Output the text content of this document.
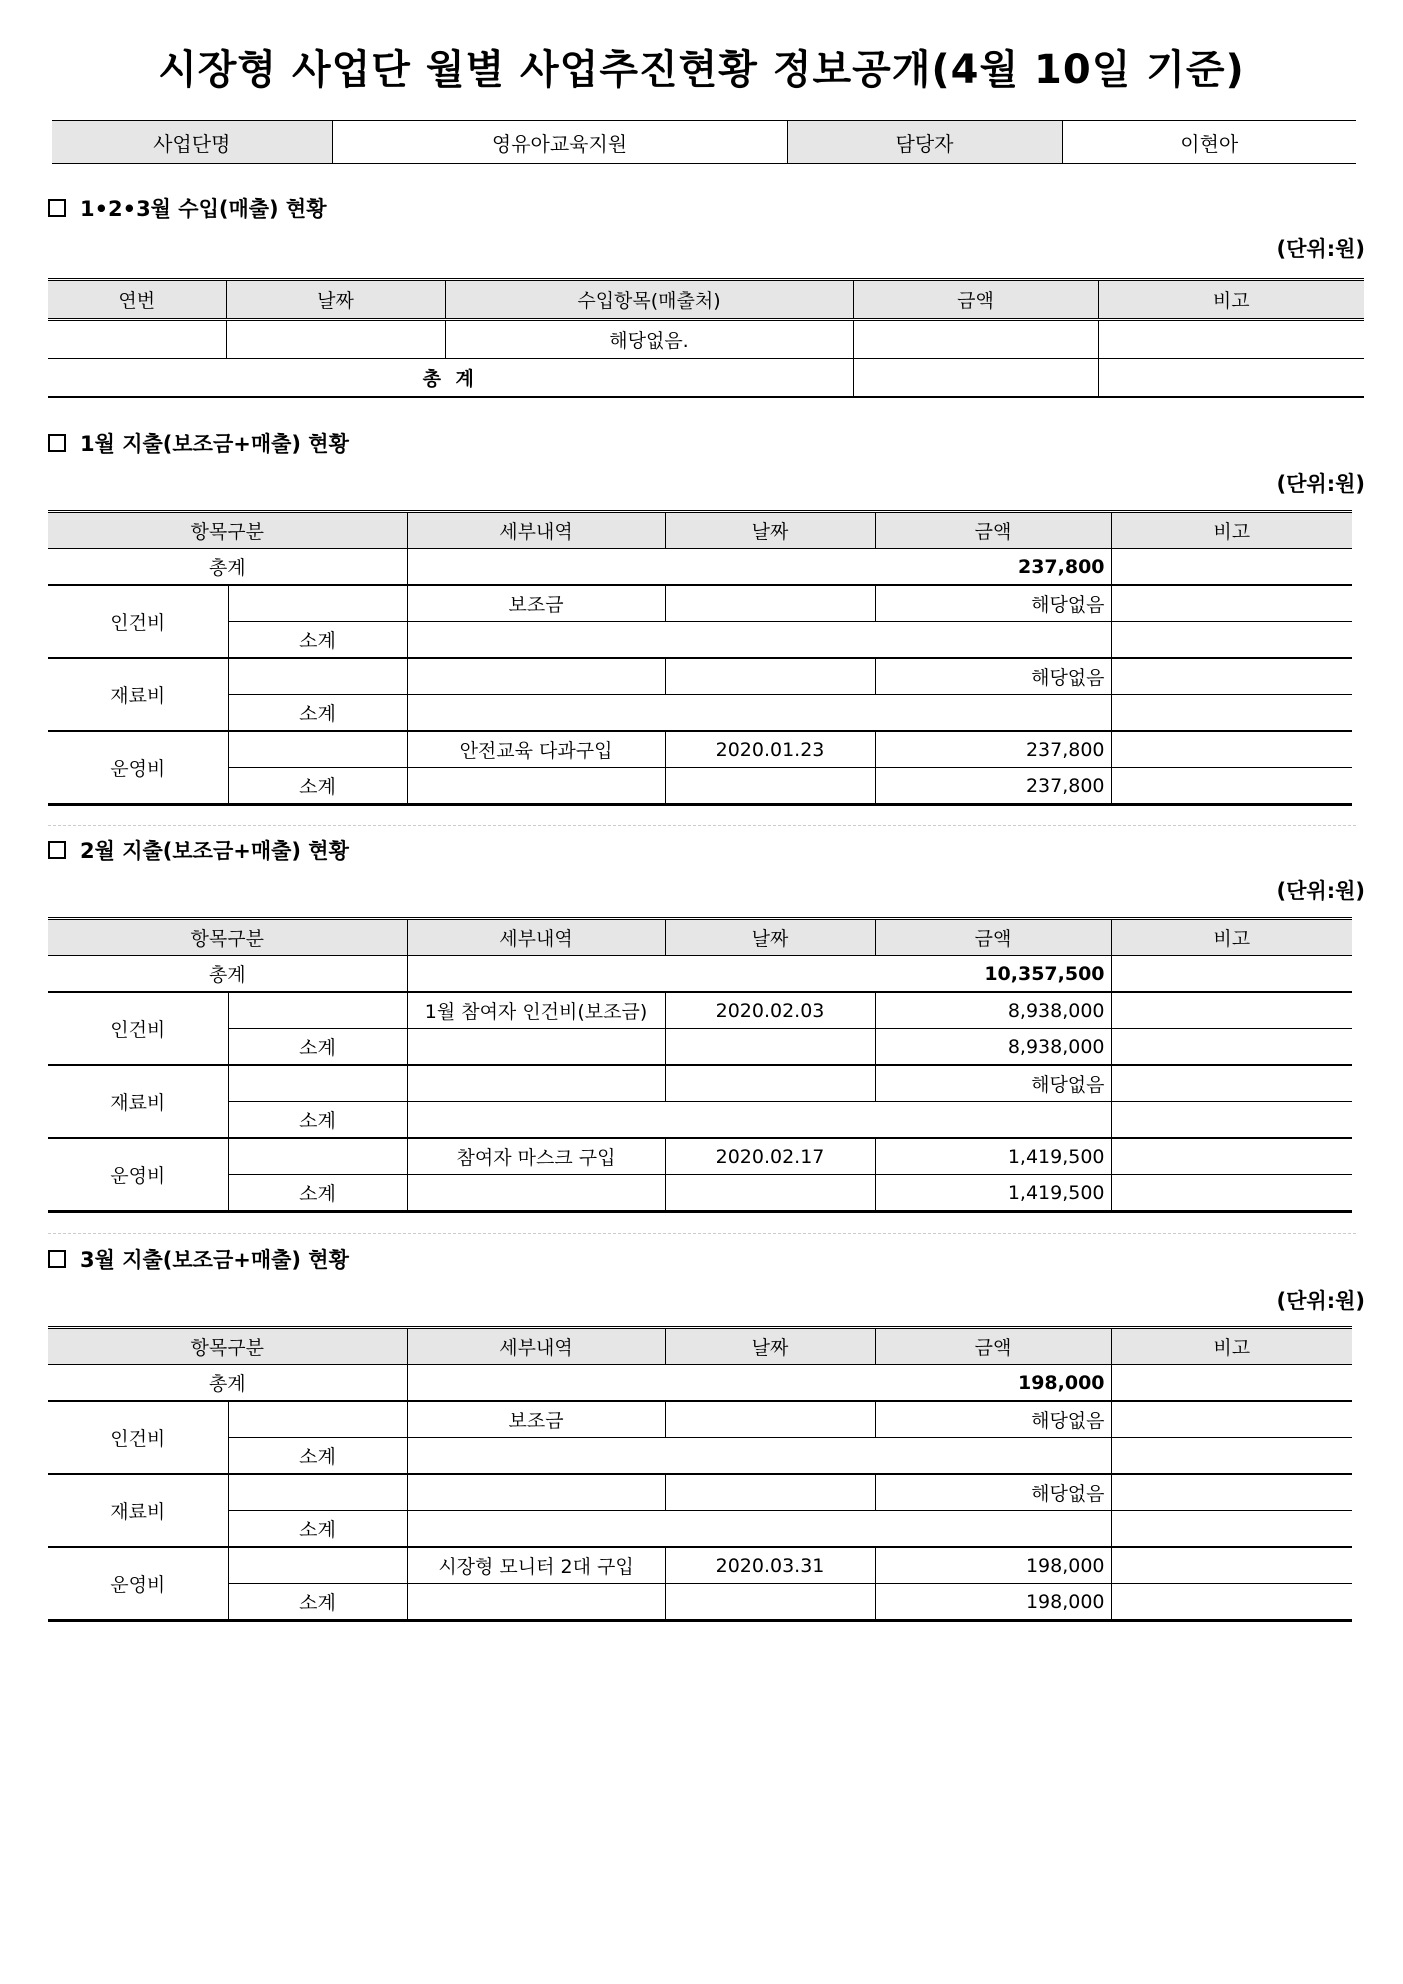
시장형 사업단 월별 사업추진현황 정보공개(4월 10일 기준)
사업단명	영유아교육지원	담당자	이현아
1•2•3월 수입(매출) 현황
(단위:원)
연번	날짜	수입항목(매출처)	금액	비고
		해당없음.		
총 계				
1월 지출(보조금+매출) 현황
(단위:원)
항목구분		세부내역	날짜	금액	비고
총계		237,800			
인건비		보조금		해당없음	
	소계				
재료비				해당없음	
	소계				
운영비		안전교육 다과구입	2020.01.23	237,800	
	소계			237,800	
2월 지출(보조금+매출) 현황
(단위:원)
항목구분		세부내역	날짜	금액	비고
총계		10,357,500			
인건비		1월 참여자 인건비(보조금)	2020.02.03	8,938,000	
	소계			8,938,000	
재료비				해당없음	
	소계				
운영비		참여자 마스크 구입	2020.02.17	1,419,500	
	소계			1,419,500	
3월 지출(보조금+매출) 현황
(단위:원)
항목구분		세부내역	날짜	금액	비고
총계		198,000			
인건비		보조금		해당없음	
	소계				
재료비				해당없음	
	소계				
운영비		시장형 모니터 2대 구입	2020.03.31	198,000	
	소계			198,000	
